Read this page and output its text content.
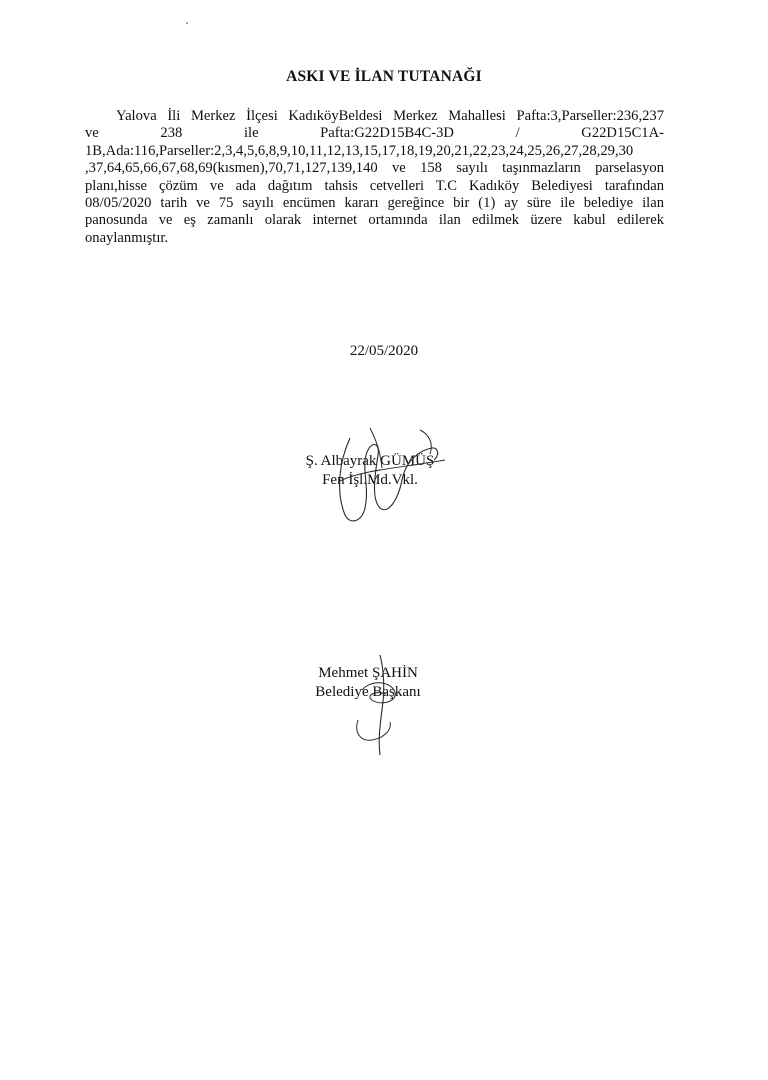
ASKI VE İLAN TUTANAĞI
Yalova İli Merkez İlçesi KadıköyBeldesi Merkez Mahallesi Pafta:3,Parseller:236,237
ve 238 ile Pafta:G22D15B4C-3D / G22D15C1A-
1B,Ada:116,Parseller:2,3,4,5,6,8,9,10,11,12,13,15,17,18,19,20,21,22,23,24,25,26,27,28,29,30
,37,64,65,66,67,68,69(kısmen),70,71,127,139,140 ve 158 sayılı taşınmazların parselasyon
planı,hisse çözüm ve ada dağıtım tahsis cetvelleri T.C Kadıköy Belediyesi tarafından
08/05/2020 tarih ve 75 sayılı encümen kararı gereğince bir (1) ay süre ile belediye ilan
panosunda ve eş zamanlı olarak internet ortamında ilan edilmek üzere kabul edilerek
onaylanmıştır.
22/05/2020
Ş. Albayrak GÜMÜŞ
Fen İşl.Md.Vkl.
Mehmet ŞAHİN
Belediye Başkanı
